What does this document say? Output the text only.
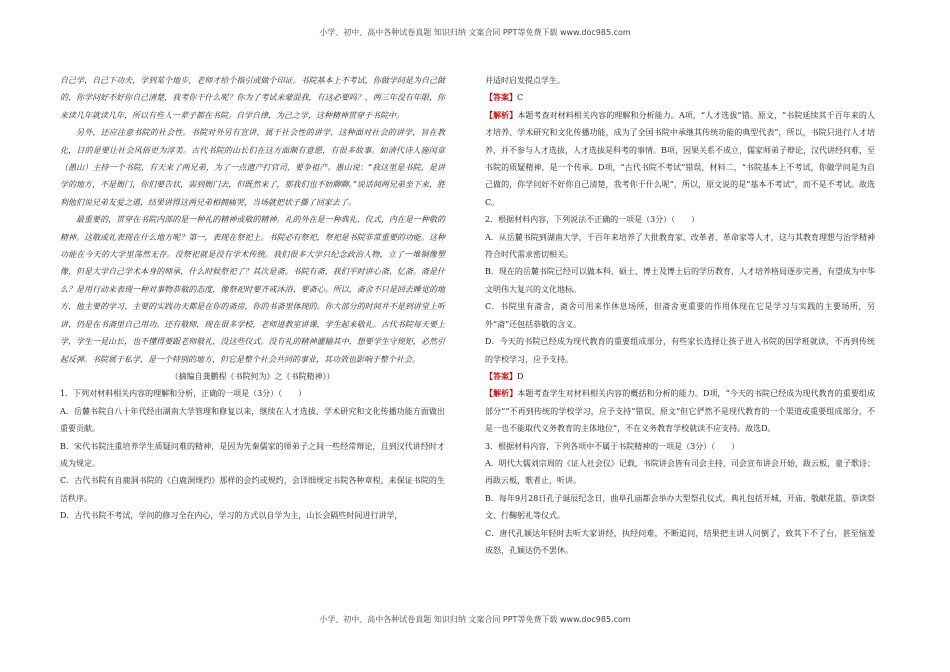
小学、初中、高中各种试卷真题 知识归纳 文案合同 PPT等免费下载 www.doc985.com

自己学，自己下功夫，学到某个地步，老师才给个指引或做个印证。书院基本上不考试，你做学问是为自己做的，你学问好不好你自己清楚，我考你干什么呢？你为了考试来蒙混我，有这必要吗？，两三年没有年限，你来读几年就读几年，所以有些人一辈子都在书院。自学自律，为己之学，这种精神贯穿于书院中。

另外，还应注意书院的社会性。书院对外另有宣讲，属于社会性的讲学，这种面对社会的讲学，旨在教化，目的是要让社会风俗更为淳美。古代书院的山长们在这方面颇有意愿，有很多故事。如清代诗人施闰章（愚山）主持一个书院，有天来了两兄弟，为了一点遗产打官司，要争祖产。愚山说：“我这里是书院，是讲学的地方，不是衙门，你们要告状，需到衙门去，但既然来了，那我们也不妨聊聊。”说话间两兄弟坐下来，胜利他们说兄弟友爱之道，结果讲得这两兄弟相拥痛哭，当场就把状子撕了回家去了。

最重要的，贯穿在书院内部的是一种礼的精神或敬的精神。礼的外在是一种典礼、仪式，内在是一种敬的精神。这敬或礼表现在什么地方呢？第一，表现在祭祀上。书院必有祭祀，祭祀是书院非常重要的功能。这种功能在今天的大学里荡然无存。没祭祀就是没有学术传统。我们很多大学只纪念政治人物，立了一堆铜像塑像，但是大学自己学术本身的师承，什么时候祭祀了？其次是斋。书院有斋，我们平时讲心斋、忆斋。斋是什么？是用行动来表现一种对事物恭敬的态度，像祭祀时要齐戒沐浴、要斋心。所以，斋舍不只是回去睡觉的地方，他主要的学习、主要的实践功夫都是在你的斋房，你的书斋里体现的。你大部分的时间并不是到讲堂上听讲，仍是在书斋里自己用功。还有敬师，现在很多学校，老师进教室讲课，学生起来敬礼。古代书院每天要上学，学生一見山长，也不懂得要跟老师敬礼，没这些仪式。没有礼的精神灌输其中，想要学生守规矩，必然引起反弹。书院属于私学，是一个特别的地方，但它是整个社会共同的事业，其功效也影响于整个社会。

（摘编自龚鹏程《书院何为》之《书院精神》）

1．下列对材料相关内容的理解和分析，正确的一项是（3分）（　　）

A．岳麓书院自八十年代经由湖南大学管理和修复以来，继续在人才选拔、学术研究和文化传播功能方面做出重要贡献。

B．宋代书院注重培养学生质疑问难的精神，是因为先秦儒家的师弟子之间一些经常辩论，且到汉代讲经时才成为规定。

C．古代书院有自鹿洞书院的《白鹿洞规约》那样的会约或规约，会详细规定书院各种章程，来保证书院的生活秩序。

D．古代书院不考试，学问的修习全在内心，学习的方式以自学为主，山长会隔些时间进行讲学，

并适时启发提点学生。

【答案】C

【解析】本题考查对材料相关内容的理解和分析能力。A项，“人才选拔”错。原文，“书院延续其千百年来的人才培养、学术研究和文化传播功能，成为了全国书院中承继其传统功能的典型代表”，所以，书院只进行人才培养，并不参与人才选拔，人才选拔是科考的事情。B项，因果关系不成立，儒家师弟子辩论，汉代讲经问难，至书院的质疑精神，是一个传承。D项，“古代书院不考试”错误，材料二，“书院基本上不考试，你做学问是为自己做的，你学问好不好你自己清楚，我考你干什么呢”，所以，原文说的是“基本不考试”，而不是不考试。故选C。

2．根据材料内容，下列说法不正确的一项是（3分）（　　）

A．从岳麓书院到湖南大学，千百年来培养了大批教育家、改革者、革命家等人才，这与其教育理想与治学精神符合时代需求密切相关。

B．现在的岳麓书院已经可以做本科、硕士、博士及博士后的学历教育，人才培养格局逐步完善，有望成为中华文明伟大复兴的文化地标。

C．书院里有斋舍，斋舍可用来作休息场所，但斋舍更重要的作用体现在它是学习与实践的主要场所，另外“斋”还包括恭敬的含义。

D．今天的书院已经成为现代教育的重要组成部分，有些家长选择让孩子进入书院的国学班就读，不再到传统的学校学习，应予支持。

【答案】D

【解析】本题考查学生对材料相关内容的概括和分析的能力。D项，“今天的书院已经成为现代教育的重要组成部分”“不再到传统的学校学习，应予支持”错误，原文“但它俨然不是现代教育的一个渠道或重要组成部分，不是一也不能取代义务教育的主体地位”，不在义务教育学校就读不应支持。故选D。

3．根据材料内容，下列各项中不属于书院精神的一项是（3分）（　　）

A．明代大儒刘宗周的《证人社会仪》记载，书院讲会皆有司会主持，司会宣布讲会开始，跋云板，童子歌诗；再跋云板，歌者止，听讲。

B．每年9月28日孔子诞辰纪念日，曲阜孔庙都会举办大型祭孔仪式，典礼包括开城、开庙、敬献花篮、恭读祭文、行鞠躬礼等仪式。

C．唐代孔颖达年轻时去听大家讲经，执经问难，不断追问，结果把主讲人问倒了，致其下不了台，甚至恼羞成怒，孔颖达仍不罢休。

小学、初中、高中各种试卷真题 知识归纳 文案合同 PPT等免费下载 www.doc985.com
